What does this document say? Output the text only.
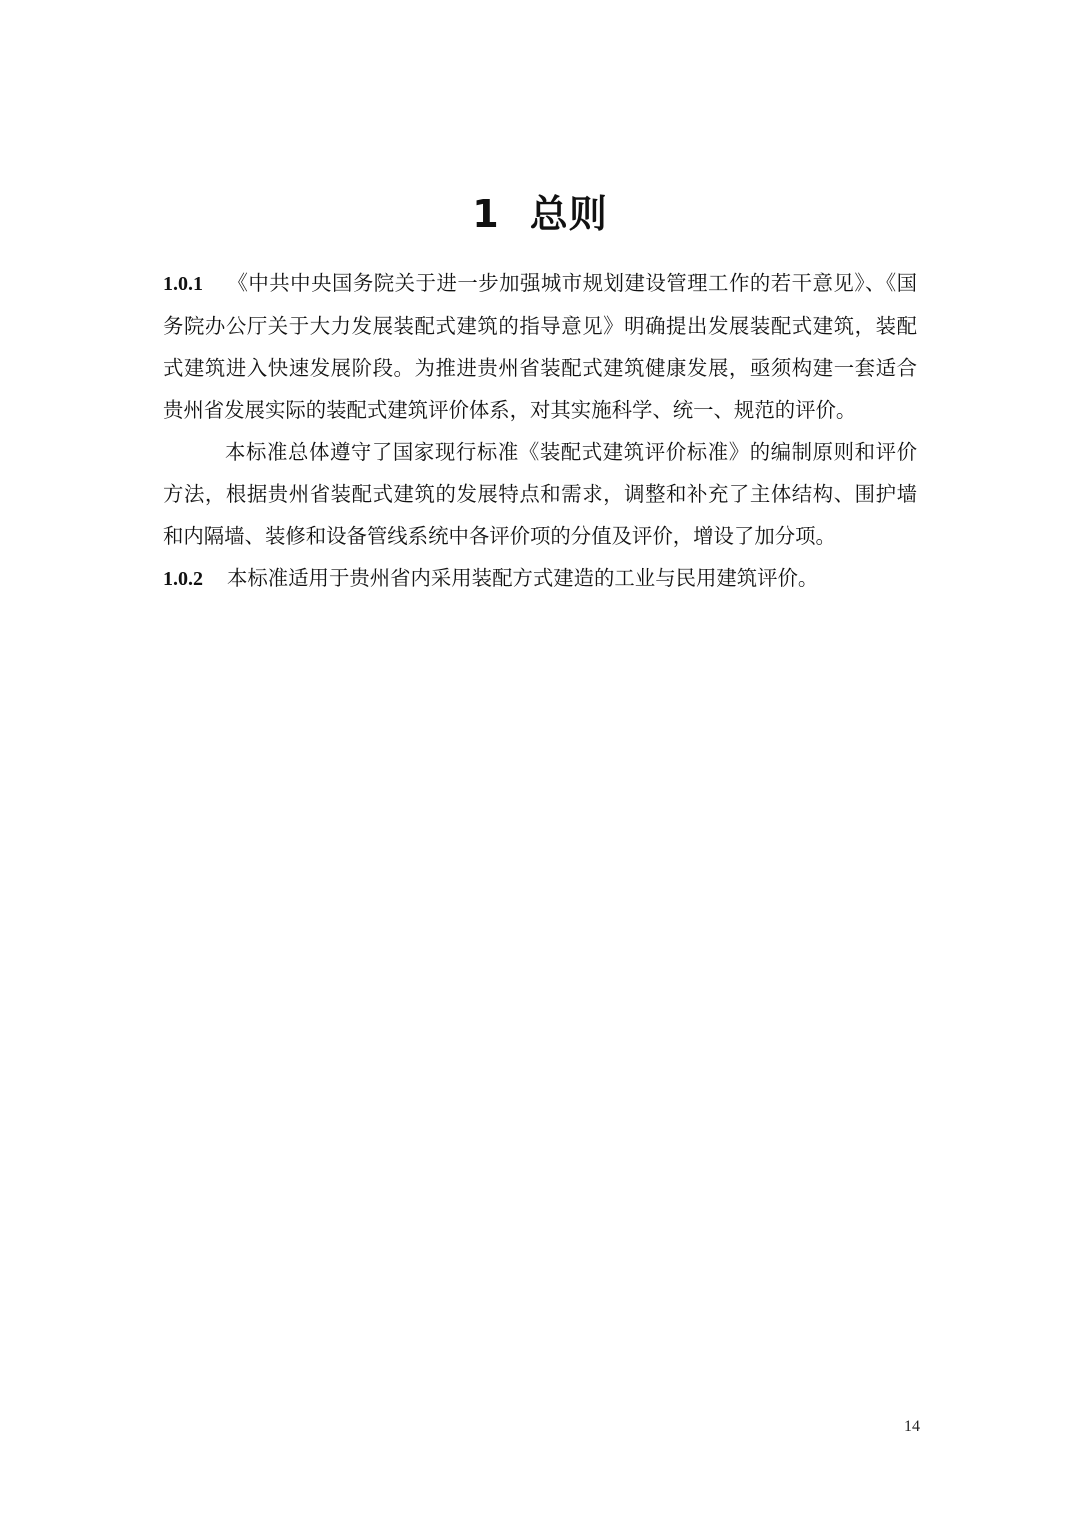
1 总则

1.0.1 《中共中央国务院关于进一步加强城市规划建设管理工作的若干意见》、《国务院办公厅关于大力发展装配式建筑的指导意见》明确提出发展装配式建筑，装配式建筑进入快速发展阶段。为推进贵州省装配式建筑健康发展，亟须构建一套适合贵州省发展实际的装配式建筑评价体系，对其实施科学、统一、规范的评价。

本标准总体遵守了国家现行标准《装配式建筑评价标准》的编制原则和评价方法，根据贵州省装配式建筑的发展特点和需求，调整和补充了主体结构、围护墙和内隔墙、装修和设备管线系统中各评价项的分值及评价，增设了加分项。

1.0.2 本标准适用于贵州省内采用装配方式建造的工业与民用建筑评价。

14
